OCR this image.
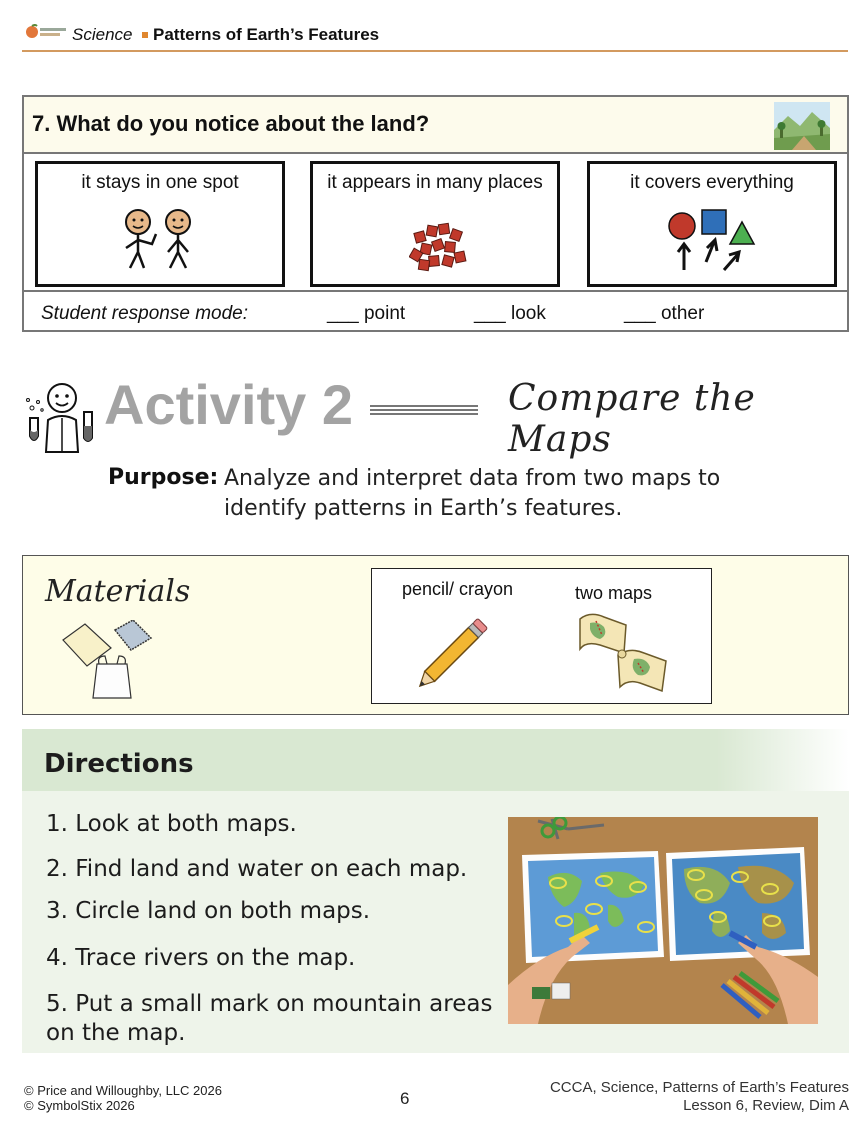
Science Patterns of Earth’s Features
7. What do you notice about the land?
it stays in one spot	it appears in many places	it covers everything
Student response mode:	___ point	___ look	___ other
Activity 2	Compare the Maps
Purpose: Analyze and interpret data from two maps to identify patterns in Earth’s features.
Materials	pencil/ crayon	two maps
Directions
1. Look at both maps.
2. Find land and water on each map.
3. Circle land on both maps.
4. Trace rivers on the map.
5. Put a small mark on mountain areas on the map.
© Price and Willoughby, LLC 2026
© SymbolStix 2026	6
CCCA, Science, Patterns of Earth’s Features
Lesson 6, Review, Dim A
